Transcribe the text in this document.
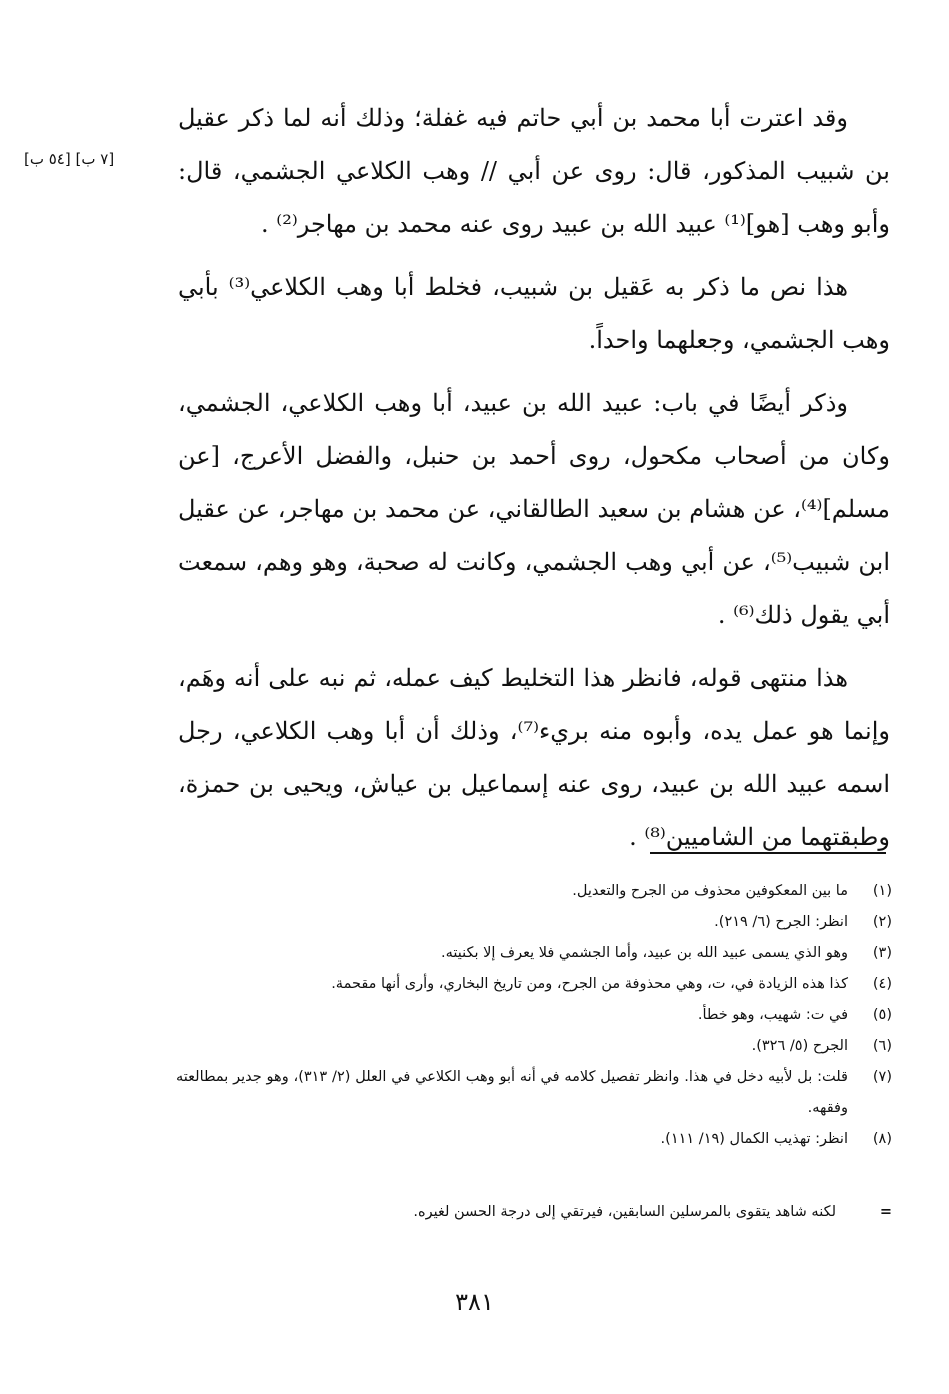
[٧ ب] [٥٤ ب]

وقد اعترت أبا محمد بن أبي حاتم فيه غفلة؛ وذلك أنه لما ذكر عقيل بن شبيب المذكور، قال: روى عن أبي // وهب الكلاعي الجشمي، قال: وأبو وهب [هو]⁽¹⁾ عبيد الله بن عبيد روى عنه محمد بن مهاجر⁽²⁾ .

هذا نص ما ذكر به عَقيل بن شبيب، فخلط أبا وهب الكلاعي⁽³⁾ بأبي وهب الجشمي، وجعلهما واحداً.

وذكر أيضًا في باب: عبيد الله بن عبيد، أبا وهب الكلاعي، الجشمي، وكان من أصحاب مكحول، روى أحمد بن حنبل، والفضل الأعرج، [عن مسلم]⁽⁴⁾، عن هشام بن سعيد الطالقاني، عن محمد بن مهاجر، عن عقيل ابن شبيب⁽⁵⁾، عن أبي وهب الجشمي، وكانت له صحبة، وهو وهم، سمعت أبي يقول ذلك⁽⁶⁾ .

هذا منتهى قوله، فانظر هذا التخليط كيف عمله، ثم نبه على أنه وهَم، وإنما هو عمل يده، وأبوه منه بريء⁽⁷⁾، وذلك أن أبا وهب الكلاعي، رجل اسمه عبيد الله بن عبيد، روى عنه إسماعيل بن عياش، ويحيى بن حمزة، وطبقتهما من الشاميين⁽⁸⁾ .

(١)
ما بين المعكوفين محذوف من الجرح والتعديل.
(٢)
انظر: الجرح (٦/ ٢١٩).
(٣)
وهو الذي يسمى عبيد الله بن عبيد، وأما الجشمي فلا يعرف إلا بكنيته.
(٤)
كذا هذه الزيادة في، ت، وهي محذوفة من الجرح، ومن تاريخ البخاري، وأرى أنها مقحمة.
(٥)
في ت: شهيب، وهو خطأ.
(٦)
الجرح (٥/ ٣٢٦).
(٧)
قلت: بل لأبيه دخل في هذا. وانظر تفصيل كلامه في أنه أبو وهب الكلاعي في العلل (٢/ ٣١٣)، وهو جدير بمطالعته وفقهه.
(٨)
انظر: تهذيب الكمال (١٩/ ١١١).
=
لكنه شاهد يتقوى بالمرسلين السابقين، فيرتقي إلى درجة الحسن لغيره.
٣٨١
